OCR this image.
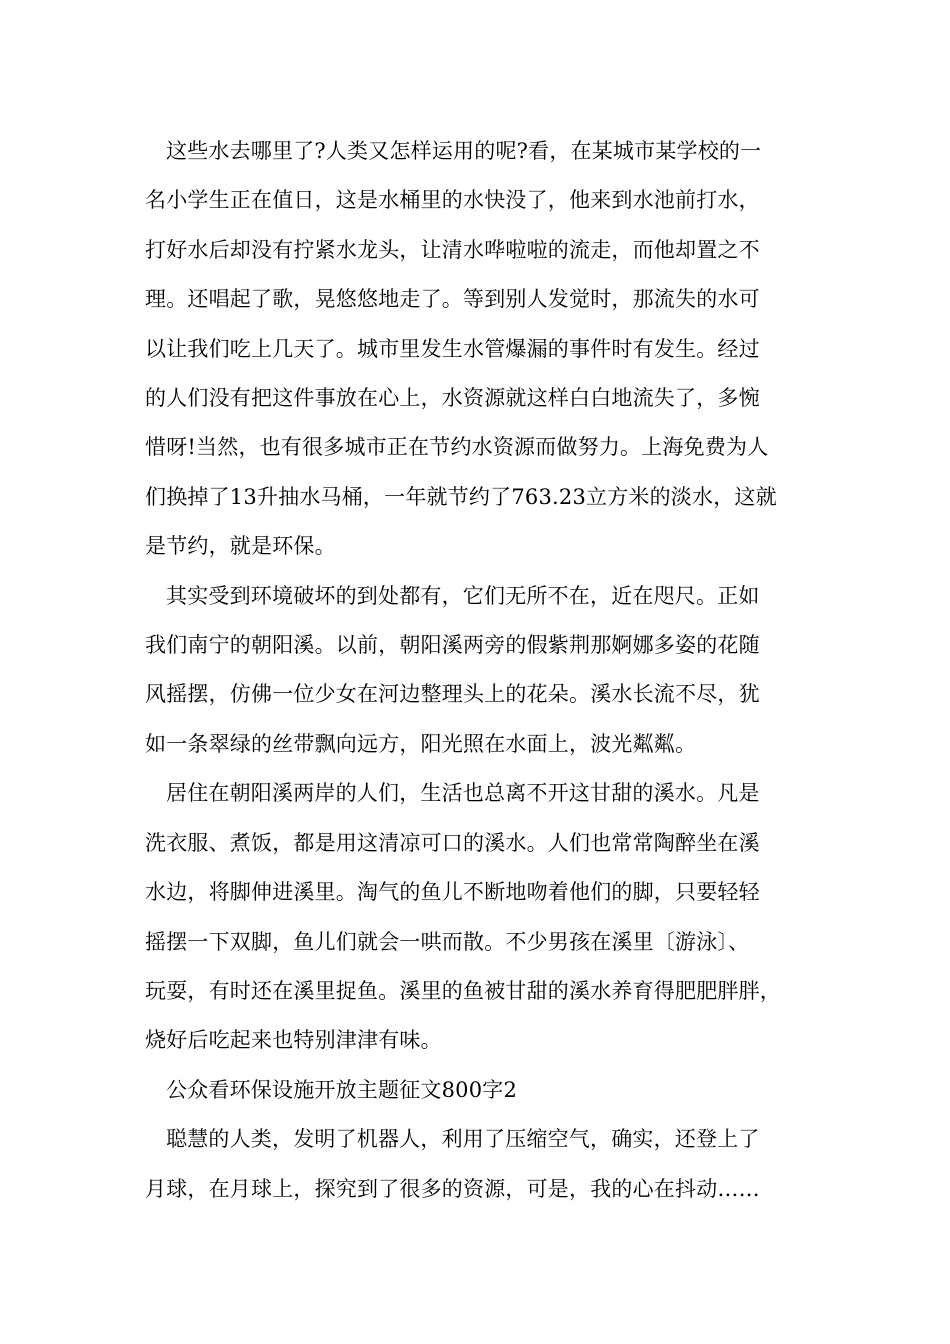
这些水去哪里了?人类又怎样运用的呢?看，在某城市某学校的一
名小学生正在值日，这是水桶里的水快没了，他来到水池前打水，
打好水后却没有拧紧水龙头，让清水哗啦啦的流走，而他却置之不
理。还唱起了歌，晃悠悠地走了。等到别人发觉时，那流失的水可
以让我们吃上几天了。城市里发生水管爆漏的事件时有发生。经过
的人们没有把这件事放在心上，水资源就这样白白地流失了，多惋
惜呀!当然，也有很多城市正在节约水资源而做努力。上海免费为人
们换掉了13升抽水马桶，一年就节约了763.23立方米的淡水，这就
是节约，就是环保。

其实受到环境破坏的到处都有，它们无所不在，近在咫尺。正如
我们南宁的朝阳溪。以前，朝阳溪两旁的假紫荆那婀娜多姿的花随
风摇摆，仿佛一位少女在河边整理头上的花朵。溪水长流不尽，犹
如一条翠绿的丝带飘向远方，阳光照在水面上，波光粼粼。

居住在朝阳溪两岸的人们，生活也总离不开这甘甜的溪水。凡是
洗衣服、煮饭，都是用这清凉可口的溪水。人们也常常陶醉坐在溪
水边，将脚伸进溪里。淘气的鱼儿不断地吻着他们的脚，只要轻轻
摇摆一下双脚，鱼儿们就会一哄而散。不少男孩在溪里〔游泳〕、
玩耍，有时还在溪里捉鱼。溪里的鱼被甘甜的溪水养育得肥肥胖胖，
烧好后吃起来也特别津津有味。

公众看环保设施开放主题征文800字2

聪慧的人类，发明了机器人，利用了压缩空气，确实，还登上了
月球，在月球上，探究到了很多的资源，可是，我的心在抖动……
